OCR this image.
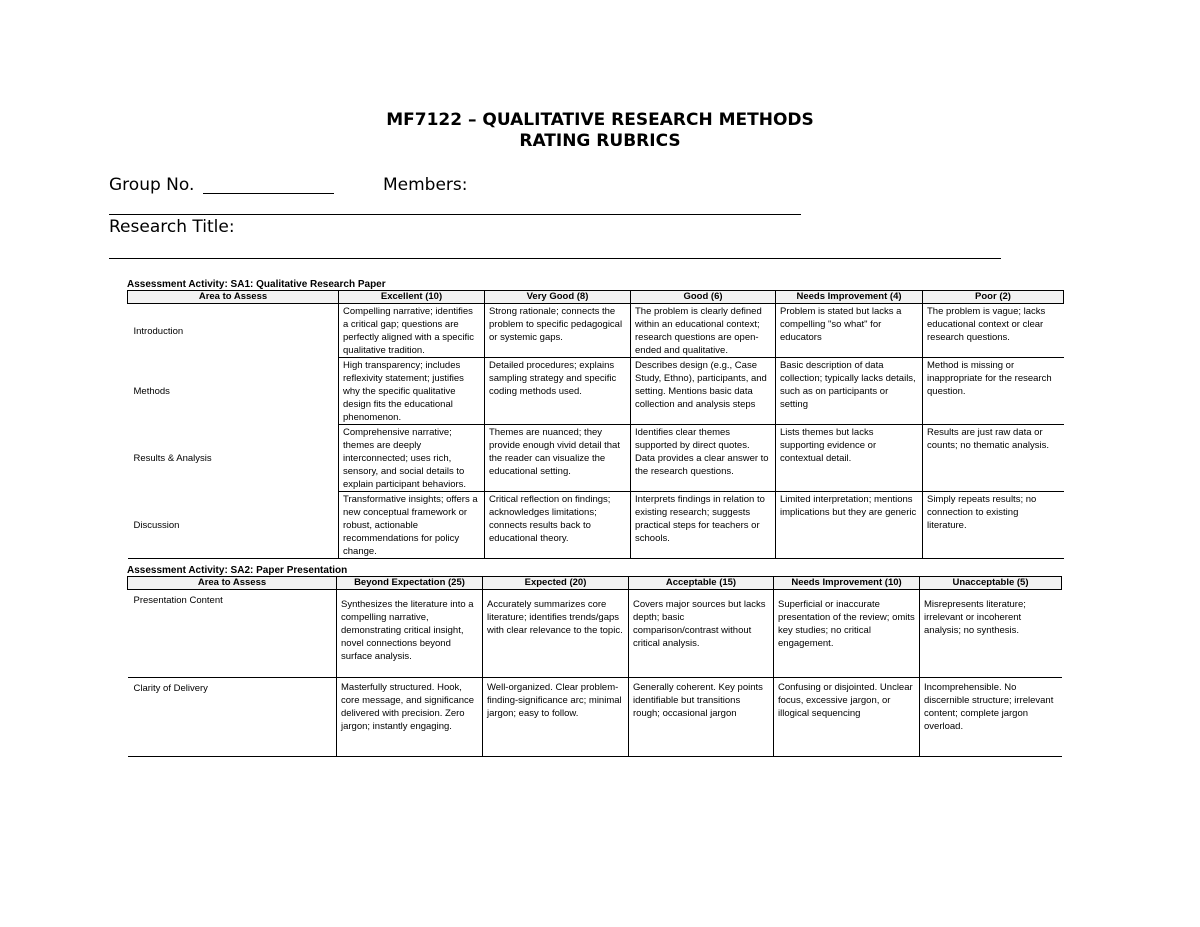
MF7122 – QUALITATIVE RESEARCH METHODS
RATING RUBRICS
Group No.	Members:
Research Title:
Assessment Activity: SA1: Qualitative Research Paper
Area to Assess	Excellent (10)	Very Good (8)	Good (6)	Needs Improvement (4)	Poor (2)
Introduction	Compelling narrative; identifies a critical gap; questions are perfectly aligned with a specific qualitative tradition.	Strong rationale; connects the problem to specific pedagogical or systemic gaps.	The problem is clearly defined within an educational context; research questions are open-ended and qualitative.	Problem is stated but lacks a compelling "so what" for educators	The problem is vague; lacks educational context or clear research questions.
Methods	High transparency; includes reflexivity statement; justifies why the specific qualitative design fits the educational phenomenon.	Detailed procedures; explains sampling strategy and specific coding methods used.	Describes design (e.g., Case Study, Ethno), participants, and setting. Mentions basic data collection and analysis steps	Basic description of data collection; typically lacks details, such as on participants or setting	Method is missing or inappropriate for the research question.
Results & Analysis	Comprehensive narrative; themes are deeply interconnected; uses rich, sensory, and social details to explain participant behaviors.	Themes are nuanced; they provide enough vivid detail that the reader can visualize the educational setting.	Identifies clear themes supported by direct quotes. Data provides a clear answer to the research questions.	Lists themes but lacks supporting evidence or contextual detail.	Results are just raw data or counts; no thematic analysis.
Discussion	Transformative insights; offers a new conceptual framework or robust, actionable recommendations for policy change.	Critical reflection on findings; acknowledges limitations; connects results back to educational theory.	Interprets findings in relation to existing research; suggests practical steps for teachers or schools.	Limited interpretation; mentions implications but they are generic	Simply repeats results; no connection to existing literature.
Assessment Activity: SA2: Paper Presentation
Area to Assess	Beyond Expectation (25)	Expected (20)	Acceptable (15)	Needs Improvement (10)	Unacceptable (5)
Presentation Content	Synthesizes the literature into a compelling narrative, demonstrating critical insight, novel connections beyond surface analysis.	Accurately summarizes core literature; identifies trends/gaps with clear relevance to the topic.	Covers major sources but lacks depth; basic comparison/contrast without critical analysis.	Superficial or inaccurate presentation of the review; omits key studies; no critical engagement.	Misrepresents literature; irrelevant or incoherent analysis; no synthesis.
Clarity of Delivery	Masterfully structured. Hook, core message, and significance delivered with precision. Zero jargon; instantly engaging.	Well-organized. Clear problem-finding-significance arc; minimal jargon; easy to follow.	Generally coherent. Key points identifiable but transitions rough; occasional jargon	Confusing or disjointed. Unclear focus, excessive jargon, or illogical sequencing	Incomprehensible. No discernible structure; irrelevant content; complete jargon overload.
